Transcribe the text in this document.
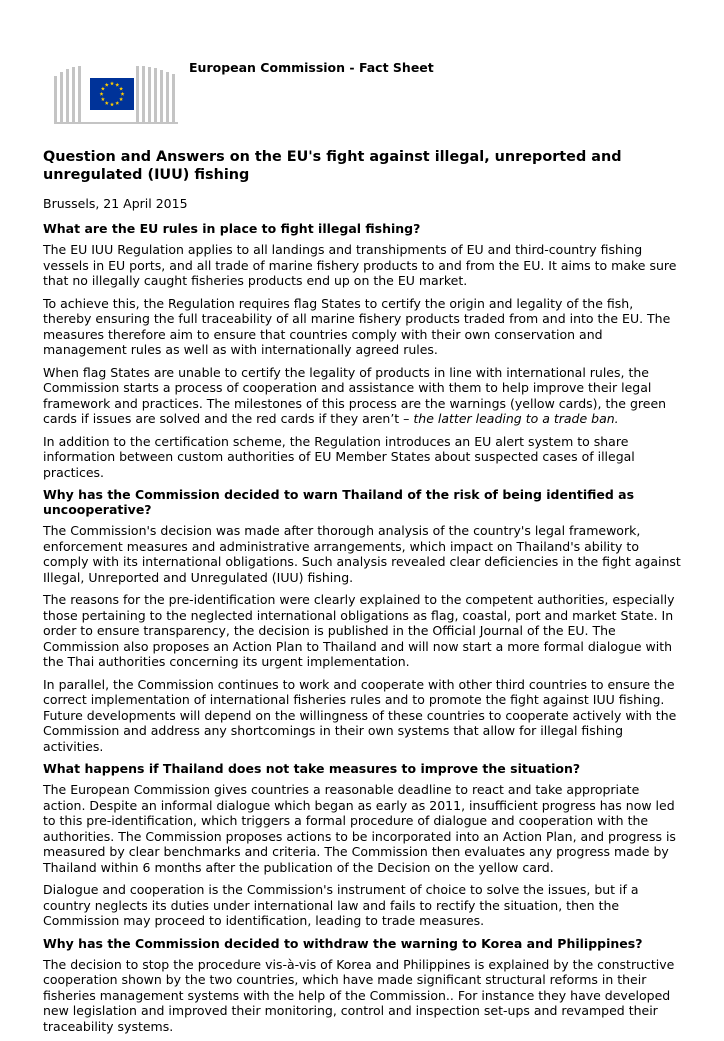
European Commission - Fact Sheet
Question and Answers on the EU's fight against illegal, unreported and unregulated (IUU) fishing
Brussels, 21 April 2015
What are the EU rules in place to fight illegal fishing?

The EU IUU Regulation applies to all landings and transhipments of EU and third-country fishing vessels in EU ports, and all trade of marine fishery products to and from the EU. It aims to make sure that no illegally caught fisheries products end up on the EU market.

To achieve this, the Regulation requires flag States to certify the origin and legality of the fish, thereby ensuring the full traceability of all marine fishery products traded from and into the EU. The measures therefore aim to ensure that countries comply with their own conservation and management rules as well as with internationally agreed rules.

When flag States are unable to certify the legality of products in line with international rules, the Commission starts a process of cooperation and assistance with them to help improve their legal framework and practices. The milestones of this process are the warnings (yellow cards), the green cards if issues are solved and the red cards if they aren’t – the latter leading to a trade ban.

In addition to the certification scheme, the Regulation introduces an EU alert system to share information between custom authorities of EU Member States about suspected cases of illegal practices.

Why has the Commission decided to warn Thailand of the risk of being identified as uncooperative?

The Commission's decision was made after thorough analysis of the country's legal framework, enforcement measures and administrative arrangements, which impact on Thailand's ability to comply with its international obligations. Such analysis revealed clear deficiencies in the fight against Illegal, Unreported and Unregulated (IUU) fishing.

The reasons for the pre-identification were clearly explained to the competent authorities, especially those pertaining to the neglected international obligations as flag, coastal, port and market State. In order to ensure transparency, the decision is published in the Official Journal of the EU. The Commission also proposes an Action Plan to Thailand and will now start a more formal dialogue with the Thai authorities concerning its urgent implementation.

In parallel, the Commission continues to work and cooperate with other third countries to ensure the correct implementation of international fisheries rules and to promote the fight against IUU fishing. Future developments will depend on the willingness of these countries to cooperate actively with the Commission and address any shortcomings in their own systems that allow for illegal fishing activities.

What happens if Thailand does not take measures to improve the situation?

The European Commission gives countries a reasonable deadline to react and take appropriate action. Despite an informal dialogue which began as early as 2011, insufficient progress has now led to this pre-identification, which triggers a formal procedure of dialogue and cooperation with the authorities. The Commission proposes actions to be incorporated into an Action Plan, and progress is measured by clear benchmarks and criteria. The Commission then evaluates any progress made by Thailand within 6 months after the publication of the Decision on the yellow card.

Dialogue and cooperation is the Commission's instrument of choice to solve the issues, but if a country neglects its duties under international law and fails to rectify the situation, then the Commission may proceed to identification, leading to trade measures.

Why has the Commission decided to withdraw the warning to Korea and Philippines?

The decision to stop the procedure vis-à-vis of Korea and Philippines is explained by the constructive cooperation shown by the two countries, which have made significant structural reforms in their fisheries management systems with the help of the Commission.. For instance they have developed new legislation and improved their monitoring, control and inspection set-ups and revamped their traceability systems.
